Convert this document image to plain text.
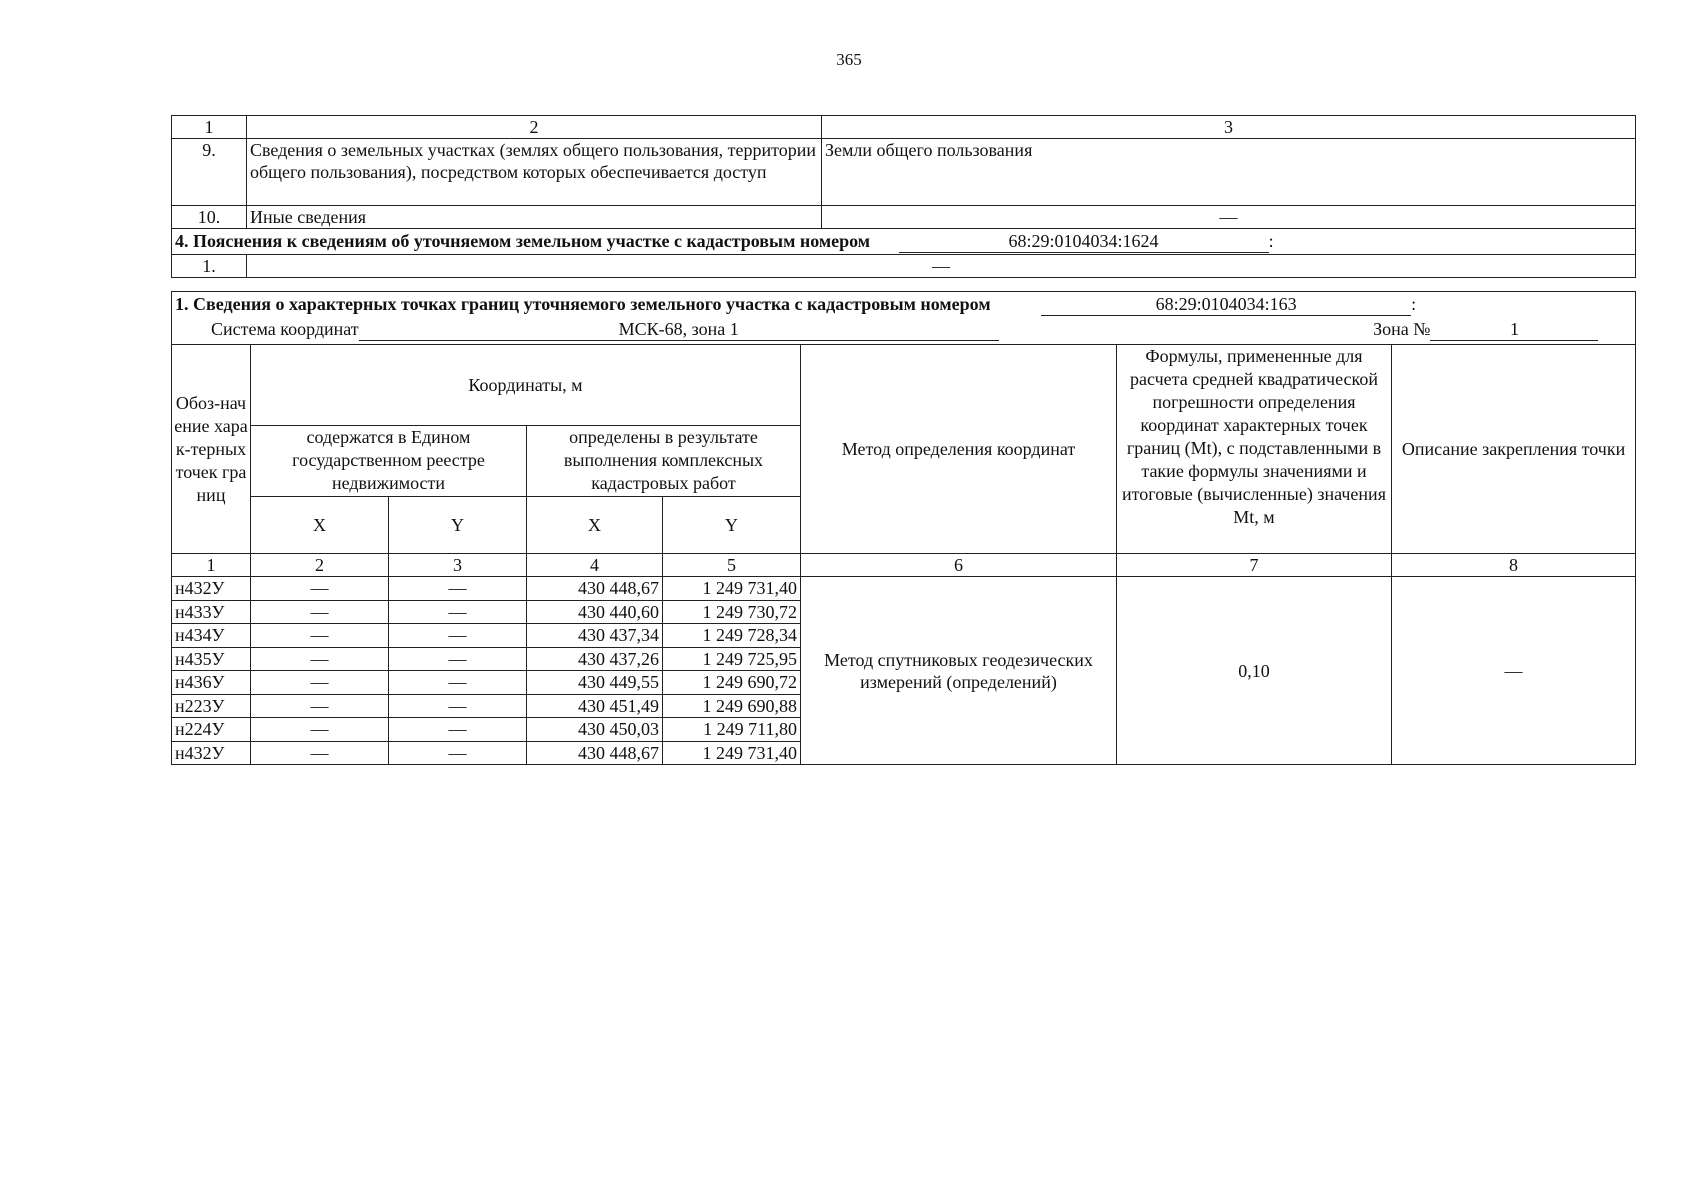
365
1	2	3
9.	Сведения о земельных участках (землях общего пользования, территории общего пользования), посредством которых обеспечивается доступ	Земли общего пользования
10.	Иные сведения	—
4. Пояснения к сведениям об уточняемом земельном участке с кадастровым номером 68:29:0104034:1624 :		
1.	—	
1. Сведения о характерных точках границ уточняемого земельного участка с кадастровым номером 68:29:0104034:163 :
Система координат МСК-68, зона 1 Зона № 1							

Обоз-начение харак-терных точек границ	Координаты, м				Метод определения координат	Формулы, примененные для расчета средней квадратической погрешности определения координат характерных точек границ (Mt), с подставленными в такие формулы значениями и итоговые (вычисленные) значения Mt, м	Описание закрепления точки
	содержатся в Едином государственном реестре недвижимости		определены в результате выполнения комплексных кадастровых работ				
	X	Y	X	Y			
1	2	3	4	5	6	7	8
н432У	—	—	430 448,67	1 249 731,40	Метод спутниковых геодезических измерений (определений)	0,10	—
н433У	—	—	430 440,60	1 249 730,72			
н434У	—	—	430 437,34	1 249 728,34			
н435У	—	—	430 437,26	1 249 725,95			
н436У	—	—	430 449,55	1 249 690,72			
н223У	—	—	430 451,49	1 249 690,88			
н224У	—	—	430 450,03	1 249 711,80			
н432У	—	—	430 448,67	1 249 731,40			
